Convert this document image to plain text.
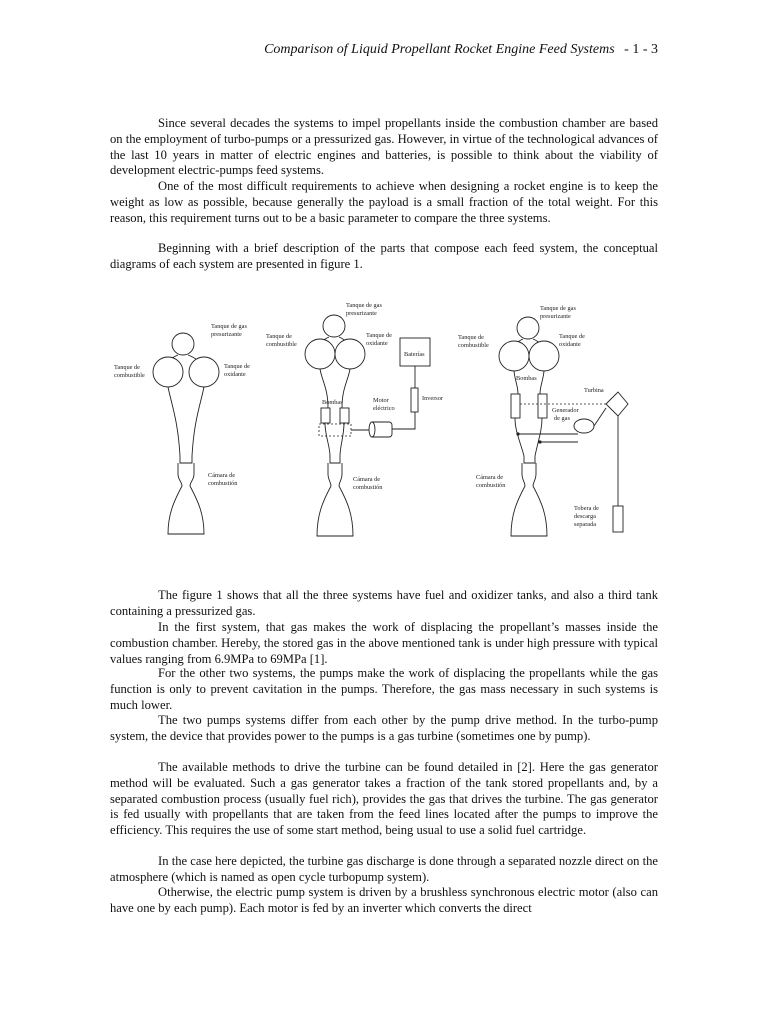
Comparison of Liquid Propellant Rocket Engine Feed Systems - 1 - 3

Since several decades the systems to impel propellants inside the combustion chamber are based on the employment of turbo-pumps or a pressurized gas. However, in virtue of the technological advances of the last 10 years in matter of electric engines and batteries, is possible to think about the viability of development electric-pumps feed systems.

One of the most difficult requirements to achieve when designing a rocket engine is to keep the weight as low as possible, because generally the payload is a small fraction of the total weight. For this reason, this requirement turns out to be a basic parameter to compare the three systems.

Beginning with a brief description of the parts that compose each feed system, the conceptual diagrams of each system are presented in figure 1.

Tanque de gas
presurizante
Tanque de
combustible
Tanque de
oxidante
Cámara de
combustión
Tanque de gas
presurizante
Tanque de
combustible
Tanque de
oxidante
Baterías
Inversor
Bombas	Motor
eléctrico
Cámara de
combustión
Tanque de gas
presurizante
Tanque de
combustible
Tanque de
oxidante
Bombas
Turbina
Generador
de gas
Cámara de
combustión
Tobera de
descarga
separada

The figure 1 shows that all the three systems have fuel and oxidizer tanks, and also a third tank containing a pressurized gas.

In the first system, that gas makes the work of displacing the propellant’s masses inside the combustion chamber. Hereby, the stored gas in the above mentioned tank is under high pressure with typical values ranging from 6.9MPa to 69MPa [1].

For the other two systems, the pumps make the work of displacing the propellants while the gas function is only to prevent cavitation in the pumps. Therefore, the gas mass necessary in such systems is much lower.

The two pumps systems differ from each other by the pump drive method. In the turbo-pump system, the device that provides power to the pumps is a gas turbine (sometimes one by pump).

The available methods to drive the turbine can be found detailed in [2]. Here the gas generator method will be evaluated. Such a gas generator takes a fraction of the tank stored propellants and, by a separated combustion process (usually fuel rich), provides the gas that drives the turbine. The gas generator is fed usually with propellants that are taken from the feed lines located after the pumps to improve the efficiency. This requires the use of some start method, being usual to use a solid fuel cartridge.

In the case here depicted, the turbine gas discharge is done through a separated nozzle direct on the atmosphere (which is named as open cycle turbopump system).

Otherwise, the electric pump system is driven by a brushless synchronous electric motor (also can have one by each pump). Each motor is fed by an inverter which converts the direct
